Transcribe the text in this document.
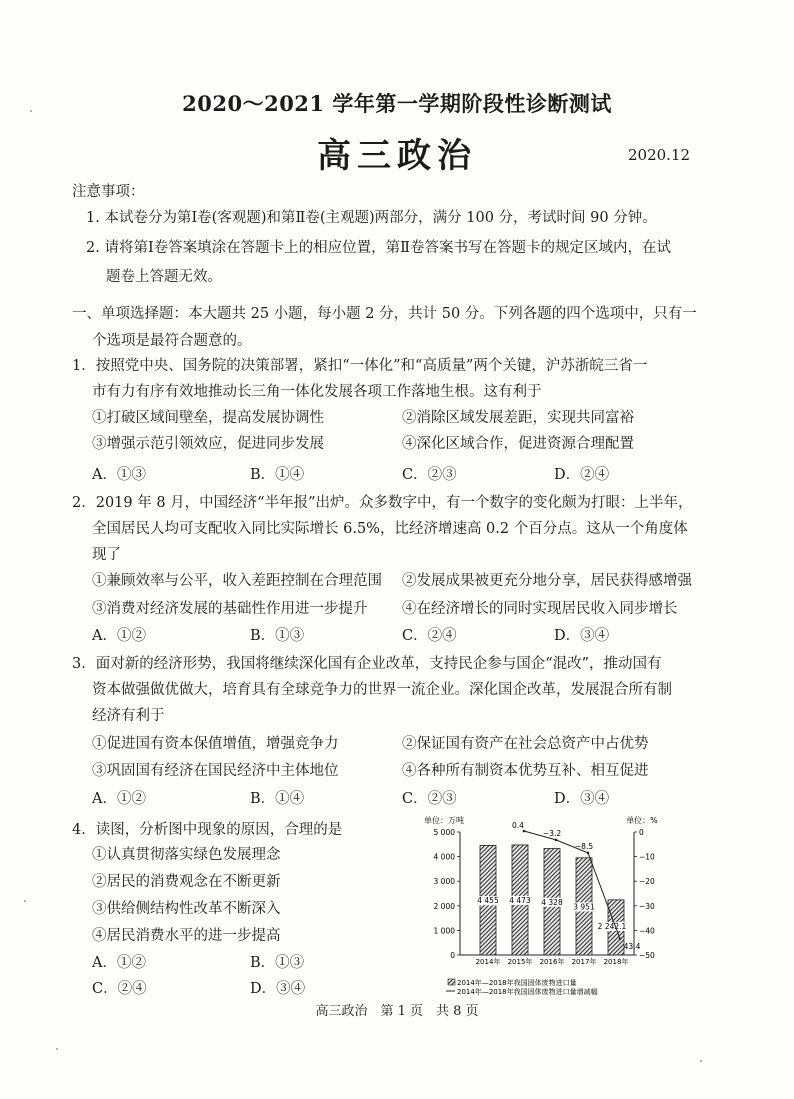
2020～2021 学年第一学期阶段性诊断测试
高三政治	2020.12
注意事项：
1. 本试卷分为第Ⅰ卷(客观题)和第Ⅱ卷(主观题)两部分，满分 100 分，考试时间 90 分钟。
2. 请将第Ⅰ卷答案填涂在答题卡上的相应位置，第Ⅱ卷答案书写在答题卡的规定区域内，在试
题卷上答题无效。
一、单项选择题：本大题共 25 小题，每小题 2 分，共计 50 分。下列各题的四个选项中，只有一
个选项是最符合题意的。
1．按照党中央、国务院的决策部署，紧扣“一体化”和“高质量”两个关键，沪苏浙皖三省一
市有力有序有效地推动长三角一体化发展各项工作落地生根。这有利于
①打破区域间壁垒，提高发展协调性	②消除区域发展差距，实现共同富裕
③增强示范引领效应，促进同步发展	④深化区域合作，促进资源合理配置
A．①③	B．①④	C．②③	D．②④
2．2019 年 8 月，中国经济“半年报”出炉。众多数字中，有一个数字的变化颇为打眼：上半年，
全国居民人均可支配收入同比实际增长 6.5%，比经济增速高 0.2 个百分点。这从一个角度体
现了
①兼顾效率与公平，收入差距控制在合理范围 ②发展成果被更充分地分享，居民获得感增强
③消费对经济发展的基础性作用进一步提升 ④在经济增长的同时实现居民收入同步增长
A．①②	B．①③	C．②④	D．③④
3．面对新的经济形势，我国将继续深化国有企业改革，支持民企参与国企“混改”，推动国有
资本做强做优做大，培育具有全球竞争力的世界一流企业。深化国企改革，发展混合所有制
经济有利于
①促进国有资本保值增值，增强竞争力	②保证国有资产在社会总资产中占优势
③巩固国有经济在国民经济中主体地位	④各种所有制资本优势互补、相互促进
A．①②	B．①④	C．②③	D．③④
4．读图，分析图中现象的原因，合理的是
①认真贯彻落实绿色发展理念
②居民的消费观念在不断更新
③供给侧结构性改革不断深入
④居民消费水平的进一步提高
A．①②	B．①③
C．②④	D．③④
单位：万吨	单位：%
5 000
4 000
3 000
2 000
1 000
0
0
−10
−20
−30
−40
−50
4 455
2014年
4 473
2015年
4 328
2016年
3 951
2017年
2 242.1
2018年
0.4
−3.2
−8.5
43.4
2014年—2018年我国固体废物进口量
2014年—2018年我国固体废物进口量增减幅
高三政治　第 1 页　共 8 页
